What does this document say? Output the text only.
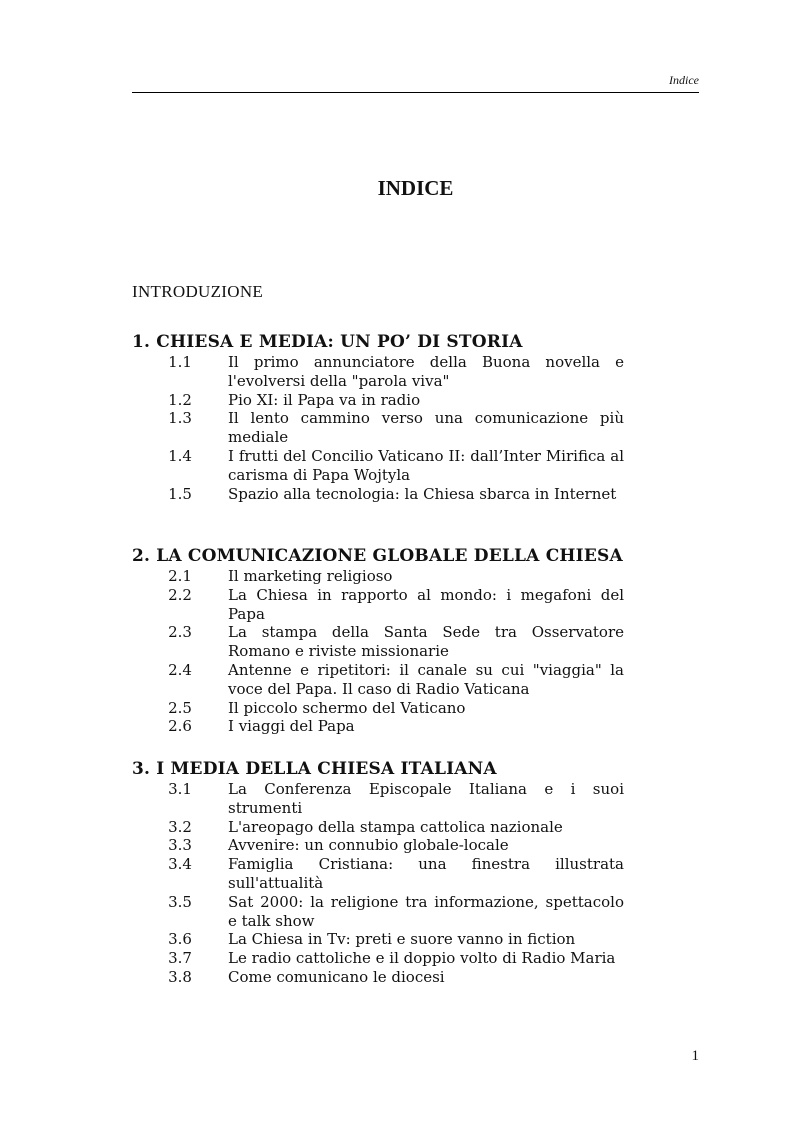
Indice
INDICE
INTRODUZIONE
1. CHIESA E MEDIA: UN PO’ DI STORIA
1.1	Il primo annunciatore della Buona novella e l'evolversi della "parola viva"
1.2	Pio XI: il Papa va in radio
1.3	Il lento cammino verso una comunicazione più mediale
1.4	I frutti del Concilio Vaticano II: dall’Inter Mirifica al carisma di Papa Wojtyla
1.5	Spazio alla tecnologia: la Chiesa sbarca in Internet
2. LA COMUNICAZIONE GLOBALE DELLA CHIESA
2.1	Il marketing religioso
2.2	La Chiesa in rapporto al mondo: i megafoni del Papa
2.3	La stampa della Santa Sede tra Osservatore Romano e riviste missionarie
2.4	Antenne e ripetitori: il canale su cui "viaggia" la voce del Papa. Il caso di Radio Vaticana
2.5	Il piccolo schermo del Vaticano
2.6	I viaggi del Papa
3. I MEDIA DELLA CHIESA ITALIANA
3.1	La Conferenza Episcopale Italiana e i suoi strumenti
3.2	L'areopago della stampa cattolica nazionale
3.3	Avvenire: un connubio globale-locale
3.4	Famiglia Cristiana: una finestra illustrata sull'attualità
3.5	Sat 2000: la religione tra informazione, spettacolo e talk show
3.6	La Chiesa in Tv: preti e suore vanno in fiction
3.7	Le radio cattoliche e il doppio volto di Radio Maria
3.8	Come comunicano le diocesi
1
